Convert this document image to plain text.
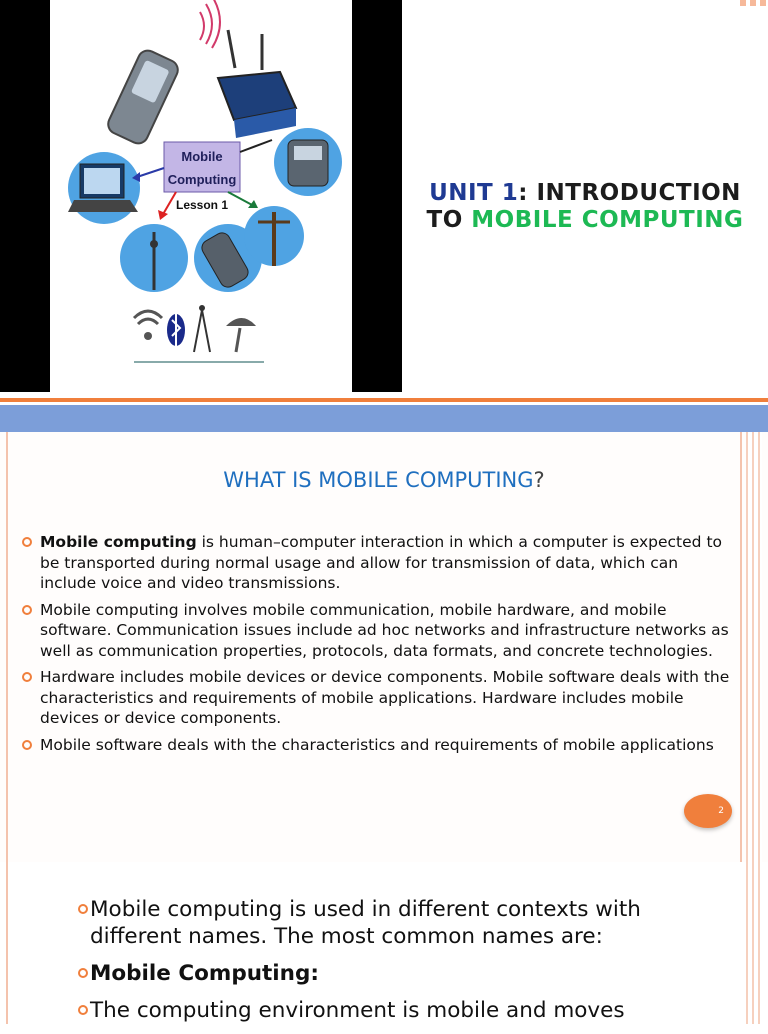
Mobile
Computing
Lesson 1	UNIT 1: INTRODUCTION
TO MOBILE COMPUTING
WHAT IS MOBILE COMPUTING?
Mobile computing is human–computer interaction in which a computer is expected to be transported during normal usage and allow for transmission of data, which can include voice and video transmissions.
Mobile computing involves mobile communication, mobile hardware, and mobile software. Communication issues include ad hoc networks and infrastructure networks as well as communication properties, protocols, data formats, and concrete technologies.
Hardware includes mobile devices or device components. Mobile software deals with the characteristics and requirements of mobile applications. Hardware includes mobile devices or device components.
Mobile software deals with the characteristics and requirements of mobile applications
2
Mobile computing is used in different contexts with different names. The most common names are:
Mobile Computing:
The computing environment is mobile and moves
